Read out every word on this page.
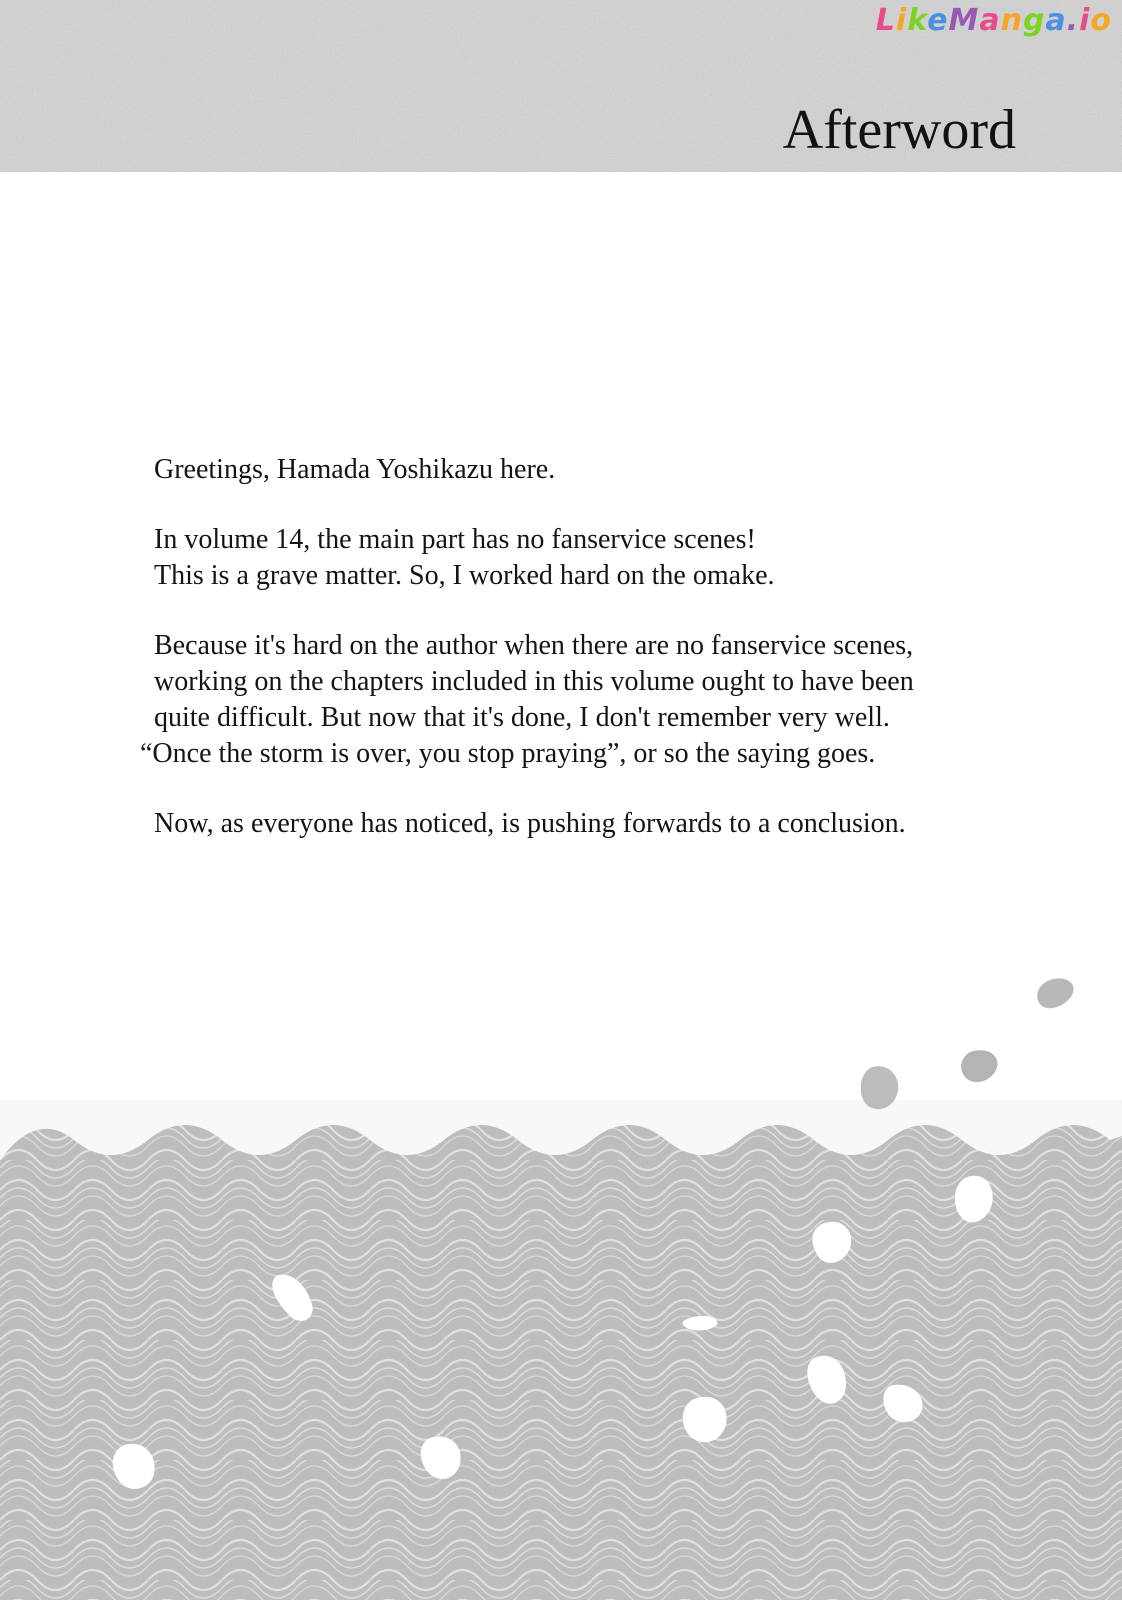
LikeManga.io
Afterword

Greetings, Hamada Yoshikazu here.

In volume 14, the main part has no fanservice scenes!
This is a grave matter. So, I worked hard on the omake.

Because it's hard on the author when there are no fanservice scenes,
working on the chapters included in this volume ought to have been
quite difficult. But now that it's done, I don't remember very well.
“Once the storm is over, you stop praying”, or so the saying goes.

Now, as everyone has noticed, is pushing forwards to a conclusion.
